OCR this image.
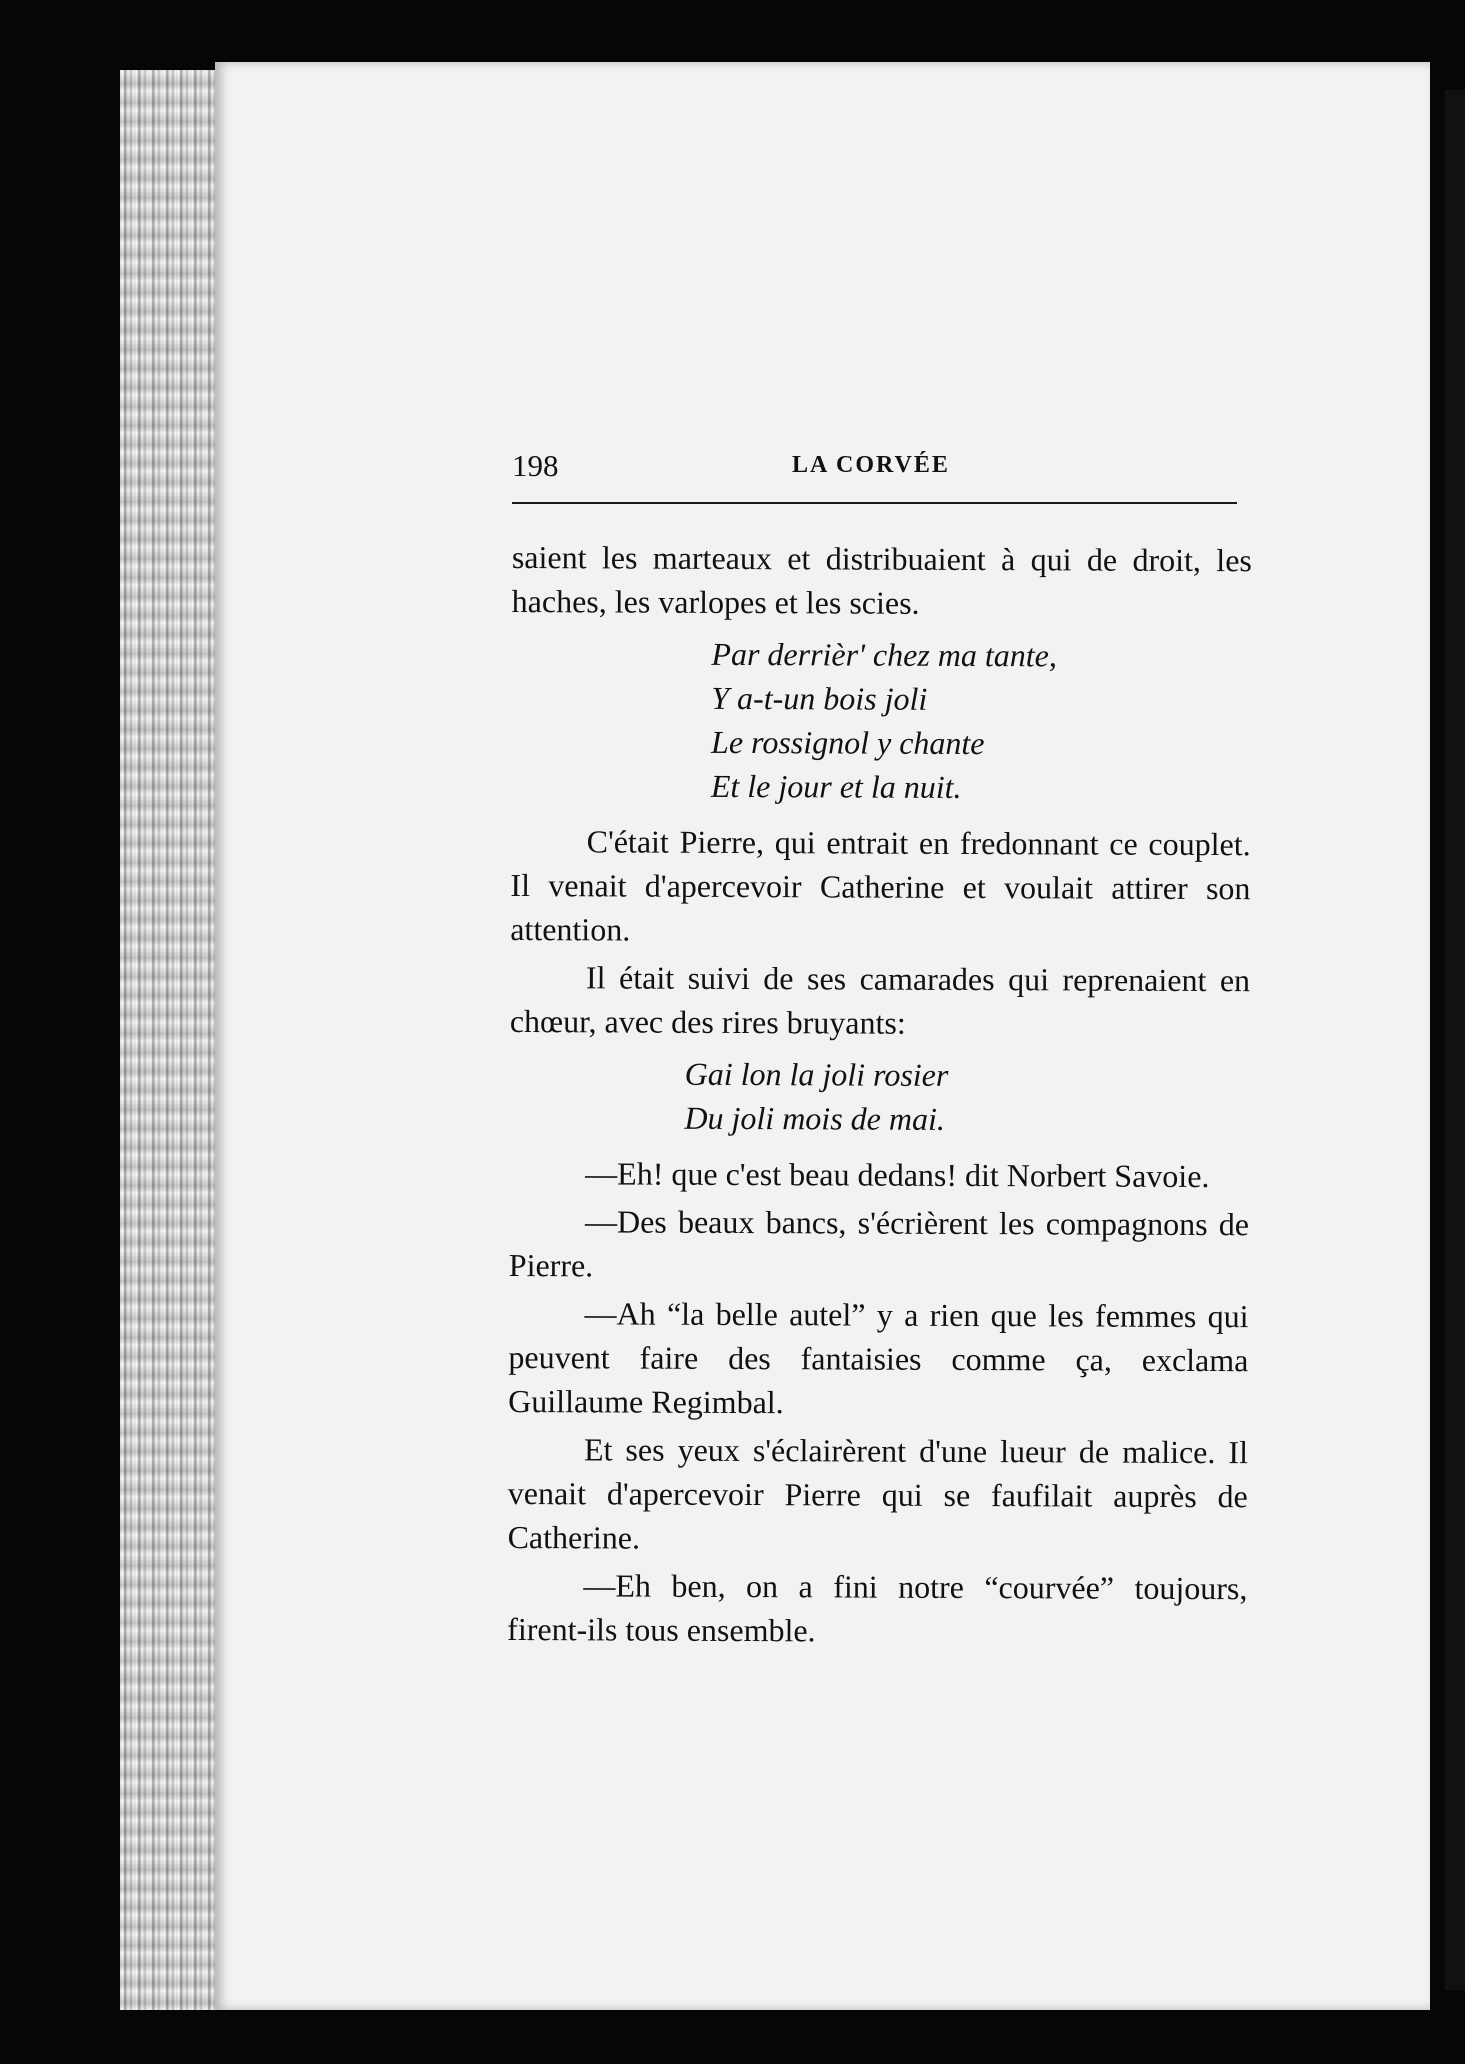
198	LA CORVÉE

saient les marteaux et distribuaient à qui de droit, les haches, les varlopes et les scies.

Par derrièr' chez ma tante,

Y a-t-un bois joli

Le rossignol y chante

Et le jour et la nuit.

C'était Pierre, qui entrait en fredonnant ce couplet. Il venait d'apercevoir Catherine et voulait attirer son attention.

Il était suivi de ses camarades qui reprenaient en chœur, avec des rires bruyants:

Gai lon la joli rosier

Du joli mois de mai.

—Eh! que c'est beau dedans! dit Norbert Savoie.

—Des beaux bancs, s'écrièrent les compagnons de Pierre.

—Ah “la belle autel” y a rien que les femmes qui peuvent faire des fantaisies comme ça, exclama Guillaume Regimbal.

Et ses yeux s'éclairèrent d'une lueur de malice. Il venait d'apercevoir Pierre qui se faufilait auprès de Catherine.

—Eh ben, on a fini notre “courvée” toujours, firent-ils tous ensemble.
